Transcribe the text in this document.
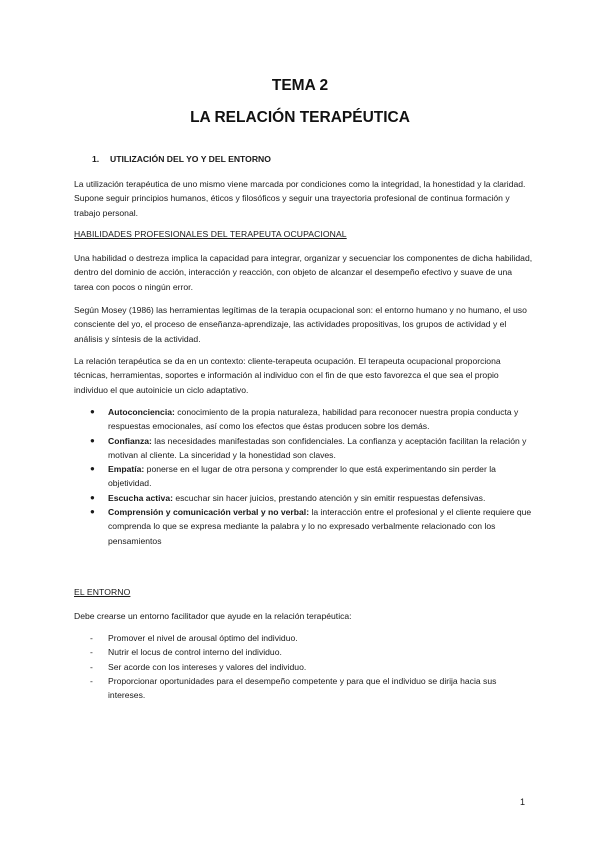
TEMA 2
LA RELACIÓN TERAPÉUTICA
1. UTILIZACIÓN DEL YO Y DEL ENTORNO

La utilización terapéutica de uno mismo viene marcada por condiciones como la integridad, la honestidad y la claridad. Supone seguir principios humanos, éticos y filosóficos y seguir una trayectoria profesional de continua formación y trabajo personal.

HABILIDADES PROFESIONALES DEL TERAPEUTA OCUPACIONAL

Una habilidad o destreza implica la capacidad para integrar, organizar y secuenciar los componentes de dicha habilidad, dentro del dominio de acción, interacción y reacción, con objeto de alcanzar el desempeño efectivo y suave de una tarea con pocos o ningún error.

Según Mosey (1986) las herramientas legítimas de la terapia ocupacional son: el entorno humano y no humano, el uso consciente del yo, el proceso de enseñanza-aprendizaje, las actividades propositivas, los grupos de actividad y el análisis y síntesis de la actividad.

La relación terapéutica se da en un contexto: cliente-terapeuta ocupación. El terapeuta ocupacional proporciona técnicas, herramientas, soportes e información al individuo con el fin de que esto favorezca el que sea el propio individuo el que autoinicie un ciclo adaptativo.

● Autoconciencia: conocimiento de la propia naturaleza, habilidad para reconocer nuestra propia conducta y respuestas emocionales, así como los efectos que éstas producen sobre los demás.
● Confianza: las necesidades manifestadas son confidenciales. La confianza y aceptación facilitan la relación y motivan al cliente. La sinceridad y la honestidad son claves.
● Empatía: ponerse en el lugar de otra persona y comprender lo que está experimentando sin perder la objetividad.
● Escucha activa: escuchar sin hacer juicios, prestando atención y sin emitir respuestas defensivas.
● Comprensión y comunicación verbal y no verbal: la interacción entre el profesional y el cliente requiere que comprenda lo que se expresa mediante la palabra y lo no expresado verbalmente relacionado con los pensamientos
EL ENTORNO

Debe crearse un entorno facilitador que ayude en la relación terapéutica:

- Promover el nivel de arousal óptimo del individuo.
- Nutrir el locus de control interno del individuo.
- Ser acorde con los intereses y valores del individuo.
- Proporcionar oportunidades para el desempeño competente y para que el individuo se dirija hacia sus intereses.
1
